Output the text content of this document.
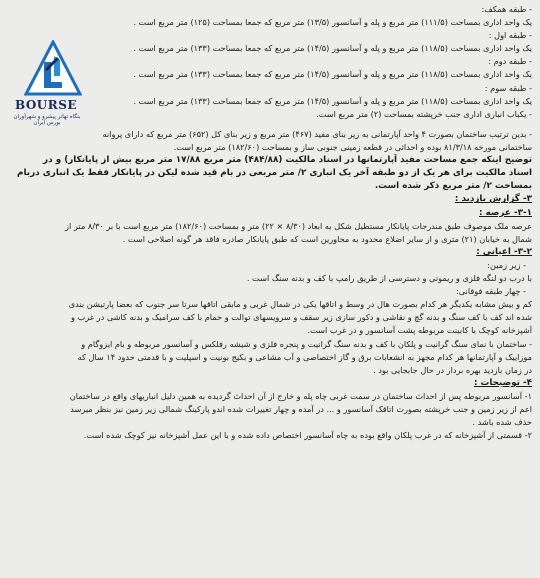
BOURSE
بنگاه تهاتر پیشرو و شهرآوران بورس ایران
- طبقه همکف:
یک واحد اداری بمساحت (۱۱۱/۵) متر مربع و پله و آسانسور (۱۳/۵) متر مربع که جمعا بمساحت (۱۲۵) متر مربع است .
- طبقه اول :
یک واحد اداری بمساحت (۱۱۸/۵) متر مربع و پله و آسانسور (۱۴/۵) متر مربع که جمعا بمساحت (۱۳۳) متر مربع است .
- طبقه دوم :
یک واحد اداری بمساحت (۱۱۸/۵) متر مربع و پله و آسانسور (۱۴/۵) متر مربع که جمعا بمساحت (۱۳۳) متر مربع است .
- طبقه سوم :
یک واحد اداری بمساحت (۱۱۸/۵) متر مربع و پله و آسانسور (۱۴/۵) متر مربع که جمعا بمساحت (۱۳۳) متر مربع است .
- یکباب انباری اداری جنب خرپشته بمساحت (۲) متر مربع است.
- بدین ترتیب ساختمان بصورت ۴ واحد آپارتمانی به زیر بنای مفید (۴۶۷) متر مربع و زیر بنای کل (۶۵۲) متر مربع که دارای پروانه
ساختمانی مورخه ۸۱/۳/۱۸ بوده و احداثی در قطعه زمینی جنوبی ساز و بمساحت (۱۸۲/۶۰) متر مربع است.
توضیح اینکه جمع مساحت مفید آپارتمانها در اسناد مالکیت (۴۸۴/۸۸) متر مربع ۱۷/۸۸ متر مربع بیش از پایانکار) و در
اسناد مالکیت برای هر یک از دو طبقه آخر یک انباری ۲/ متر مربعی در بام قید شده لیکن در پایانکار فقط یک انباری دربام
بمساحت ۲/ متر مربع ذکر شده است.
۳- گزارش بازدید :
۳-۱- عرصه :
عرصه ملک موصوف طبق مندرجات پایانکار مستطیل شکل به ابعاد (۸/۳۰ × ۲۲) متر و بمساحت (۱۸۲/۶۰) متر مربع است با بر ۸/۳۰ متر از
شمال به خیابان (۲۱) متری و از سایر اضلاع محدود به مجاورین است که طبق پایانکار صادره فاقد هر گونه اصلاحی است .
۳-۲- اعیانی :
- زیر زمین:
با درب دو لنگه فلزی و ریموتی و دسترسی از طریق رامپ با کف و بدنه سنگ است .
- چهار طبقه فوقانی:
کم و بیش مشابه یکدیگر هر کدام بصورت هال در وسط و اتاقها یکی در شمال غربی و مابقی اتاقها سرتا سر جنوب که بعضا پارتیشن بندی
شده اند کف با کف سنگ و بدنه گچ و نقاشی و دکور سازی زیر سقف و سرویسهای توالت و حمام با کف سرامیک و بدنه کاشی در غرب و
آشپزخانه کوچک با کابینت مربوطه پشت آسانسور و در غرب است.
- ساختمان با نمای سنگ گرانیت و پلکان با کف و بدنه سنگ گرانیت و پنجره فلزی و شیشه رفلکس و آسانسور مربوطه و بام ایزوگام و
موزاییک و آپارتمانها هر کدام مجهز به انشعابات برق و گاز اختصاصی و آب مشاعی و بکیج بونیت و اسپلیت و با قدمتی حدود ۱۴ سال که
در زمان بازدید بهره بردار در حال جابجایی بود .
۴- توضیحات :
۱- آسانسور مربوطه پس از احداث ساختمان در سمت غربی چاه پله و خارج از آن احداث گردیده به همین دلیل انباریهای واقع در ساختمان
اعم از زیر زمین و جنب خرپشته بصورت اتاقک آسانسور و ... در آمده و چهار تغییرات شده اندو پارکینگ شمالی زیر زمین نیز بنظر میرسد
حذف شده باشد .
۲- قسمتی از آشپزخانه که در غرب پلکان واقع بوده به چاه آسانسور اختصاص داده شده و با این عمل آشپزخانه نیز کوچک شده است.
